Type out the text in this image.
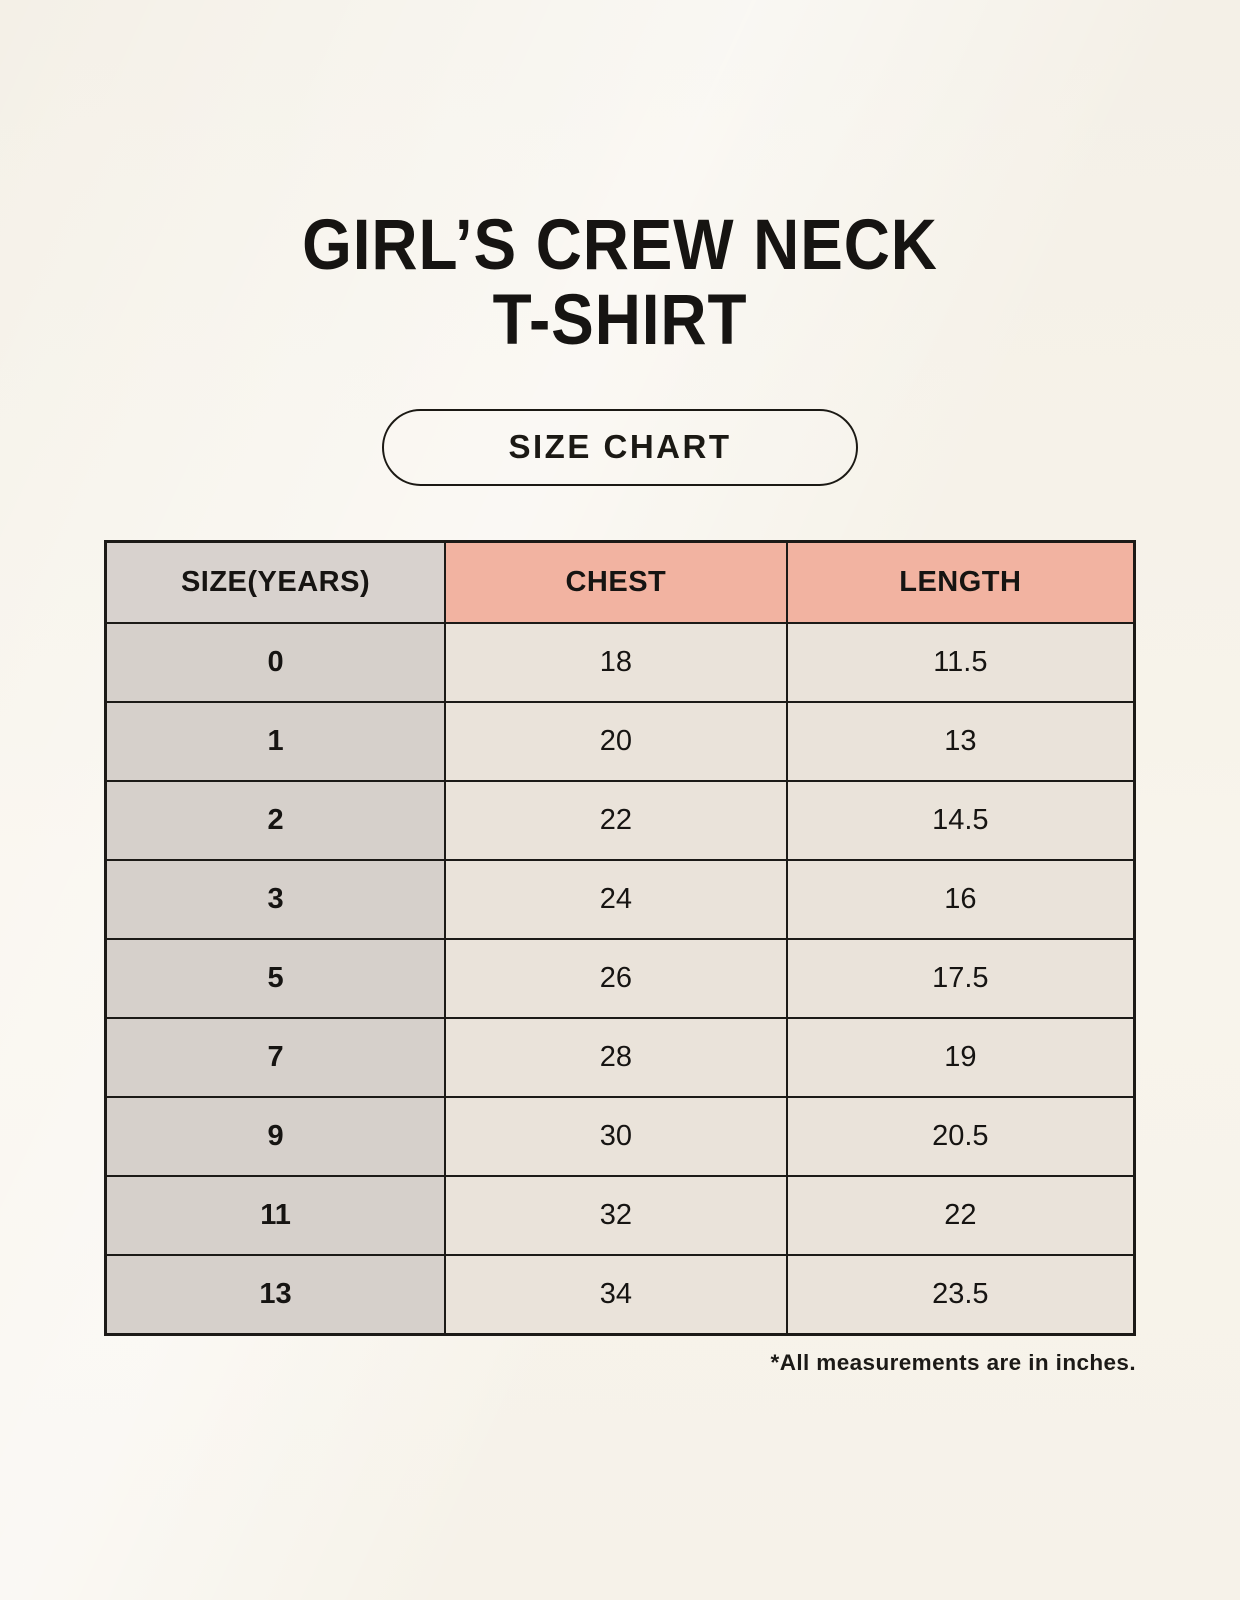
GIRL’S CREW NECK
T-SHIRT
SIZE CHART
SIZE(YEARS)	CHEST	LENGTH
0	18	11.5
1	20	13
2	22	14.5
3	24	16
5	26	17.5
7	28	19
9	30	20.5
11	32	22
13	34	23.5
*All measurements are in inches.
